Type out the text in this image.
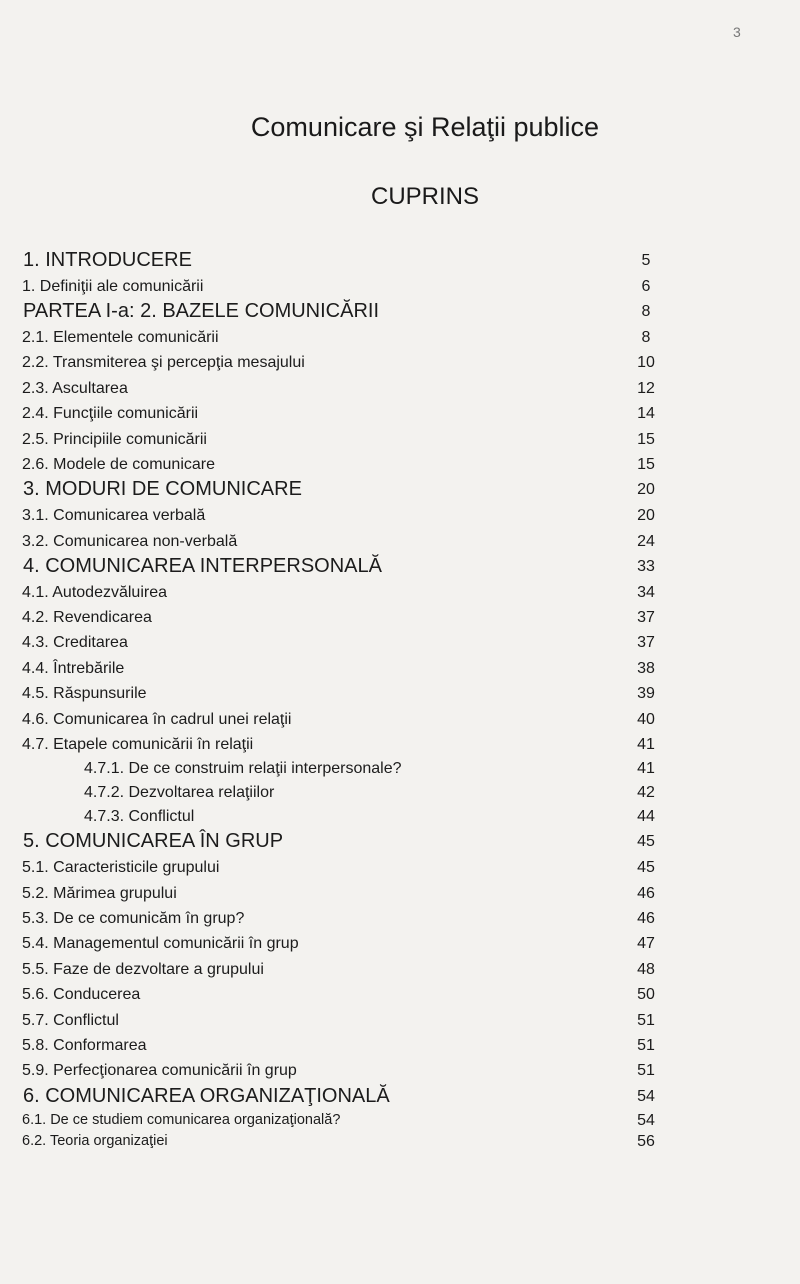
3
Comunicare şi Relaţii publice
CUPRINS
1. INTRODUCERE	5
1. Definiţii ale comunicării	6
PARTEA I-a: 2. BAZELE COMUNICĂRII	8
2.1. Elementele comunicării	8
2.2. Transmiterea şi percepţia mesajului	10
2.3. Ascultarea	12
2.4. Funcţiile comunicării	14
2.5. Principiile comunicării	15
2.6. Modele de comunicare	15
3. MODURI DE COMUNICARE	20
3.1. Comunicarea verbală	20
3.2. Comunicarea non-verbală	24
4. COMUNICAREA INTERPERSONALĂ	33
4.1. Autodezvăluirea	34
4.2. Revendicarea	37
4.3. Creditarea	37
4.4. Întrebările	38
4.5. Răspunsurile	39
4.6. Comunicarea în cadrul unei relaţii	40
4.7. Etapele comunicării în relaţii	41
4.7.1. De ce construim relaţii interpersonale?	41
4.7.2. Dezvoltarea relaţiilor	42
4.7.3. Conflictul	44
5. COMUNICAREA ÎN GRUP	45
5.1. Caracteristicile grupului	45
5.2. Mărimea grupului	46
5.3. De ce comunicăm în grup?	46
5.4. Managementul comunicării în grup	47
5.5. Faze de dezvoltare a grupului	48
5.6. Conducerea	50
5.7. Conflictul	51
5.8. Conformarea	51
5.9. Perfecţionarea comunicării în grup	51
6. COMUNICAREA ORGANIZAŢIONALĂ	54
6.1. De ce studiem comunicarea organizaţională?	54
6.2. Teoria organizaţiei	56
